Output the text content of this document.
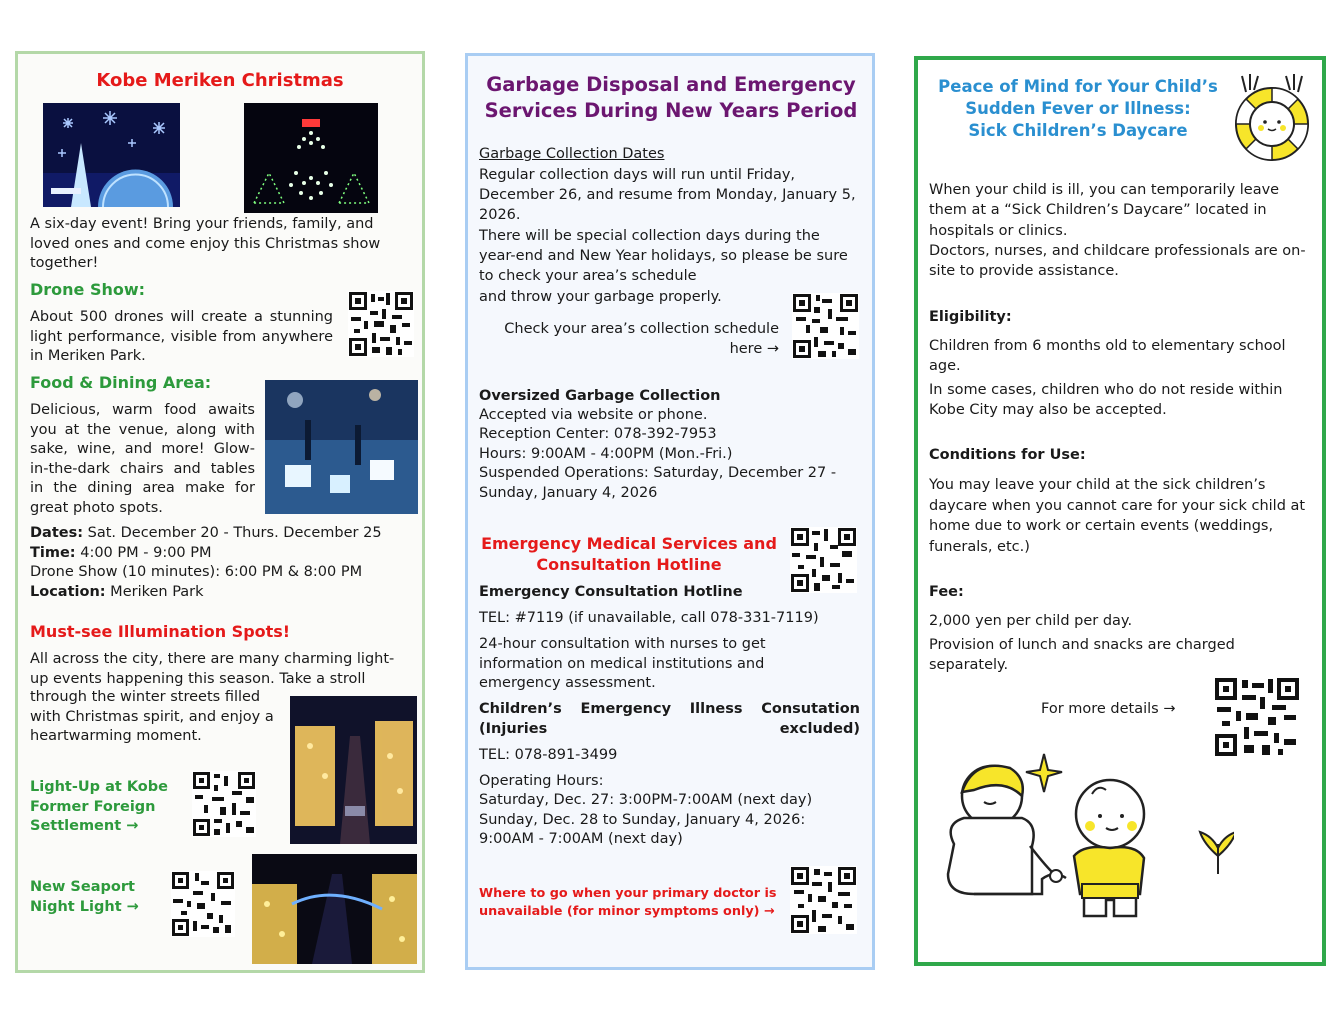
Kobe Meriken Christmas

A six-day event! Bring your friends, family, and loved ones and come enjoy this Christmas show together!

Drone Show:

About 500 drones will create a stunning light performance, visible from anywhere in Meriken Park.

Food & Dining Area:

Delicious, warm food awaits you at the venue, along with sake, wine, and more! Glow-in-the-dark chairs and tables in the dining area make for great photo spots.

Dates: Sat. December 20 - Thurs. December 25
Time: 4:00 PM - 9:00 PM
Drone Show (10 minutes): 6:00 PM & 8:00 PM
Location: Meriken Park
Must-see Illumination Spots!

All across the city, there are many charming light-up events happening this season. Take a stroll

through the winter streets filled with Christmas spirit, and enjoy a heartwarming moment.

Light-Up at Kobe Former Foreign Settlement →
New Seaport Night Light →
Garbage Disposal and Emergency Services During New Years Period
Garbage Collection Dates

Regular collection days will run until Friday, December 26, and resume from Monday, January 5, 2026.

There will be special collection days during the year-end and New Year holidays, so please be sure to check your area’s schedule

and throw your garbage properly.

Check your area’s collection schedule
here →
Oversized Garbage Collection
Accepted via website or phone.
Reception Center: 078-392-7953
Hours: 9:00AM - 4:00PM (Mon.-Fri.)
Suspended Operations: Saturday, December 27 -
Sunday, January 4, 2026
Emergency Medical Services and Consultation Hotline
Emergency Consultation Hotline
TEL: #7119 (if unavailable, call 078-331-7119)

24-hour consultation with nurses to get information on medical institutions and emergency assessment.

Children’s Emergency Illness Consutation (Injuries excluded)
TEL: 078-891-3499
Operating Hours:
Saturday, Dec. 27: 3:00PM-7:00AM (next day)
Sunday, Dec. 28 to Sunday, January 4, 2026:
9:00AM - 7:00AM (next day)
Where to go when your primary doctor is unavailable (for minor symptoms only) →
Peace of Mind for Your Child’s
Sudden Fever or Illness:
Sick Children’s Daycare

When your child is ill, you can temporarily leave them at a “Sick Children’s Daycare” located in hospitals or clinics.

Doctors, nurses, and childcare professionals are on-site to provide assistance.

Eligibility:

Children from 6 months old to elementary school age.

In some cases, children who do not reside within Kobe City may also be accepted.

Conditions for Use:

You may leave your child at the sick children’s daycare when you cannot care for your sick child at home due to work or certain events (weddings, funerals, etc.)

Fee:

2,000 yen per child per day.

Provision of lunch and snacks are charged separately.

For more details →
